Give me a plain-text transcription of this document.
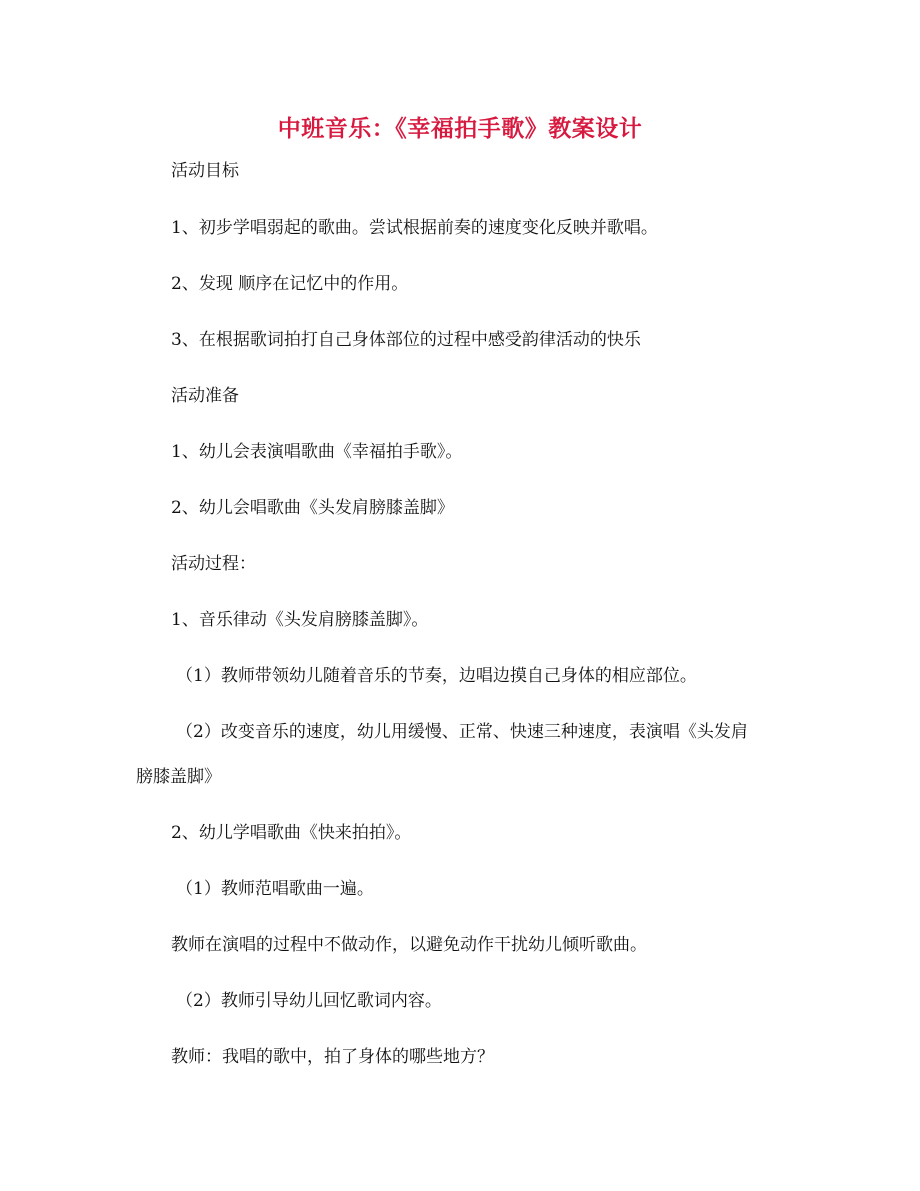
中班音乐：《幸福拍手歌》教案设计

活动目标

1、初步学唱弱起的歌曲。尝试根据前奏的速度变化反映并歌唱。

2、发现 顺序在记忆中的作用。

3、在根据歌词拍打自己身体部位的过程中感受韵律活动的快乐

活动准备

1、幼儿会表演唱歌曲《幸福拍手歌》。

2、幼儿会唱歌曲《头发肩膀膝盖脚》

活动过程：

1、音乐律动《头发肩膀膝盖脚》。

（1）教师带领幼儿随着音乐的节奏，边唱边摸自己身体的相应部位。

（2）改变音乐的速度，幼儿用缓慢、正常、快速三种速度，表演唱《头发肩

膀膝盖脚》

2、幼儿学唱歌曲《快来拍拍》。

（1）教师范唱歌曲一遍。

教师在演唱的过程中不做动作，以避免动作干扰幼儿倾听歌曲。

（2）教师引导幼儿回忆歌词内容。

教师：我唱的歌中，拍了身体的哪些地方？
